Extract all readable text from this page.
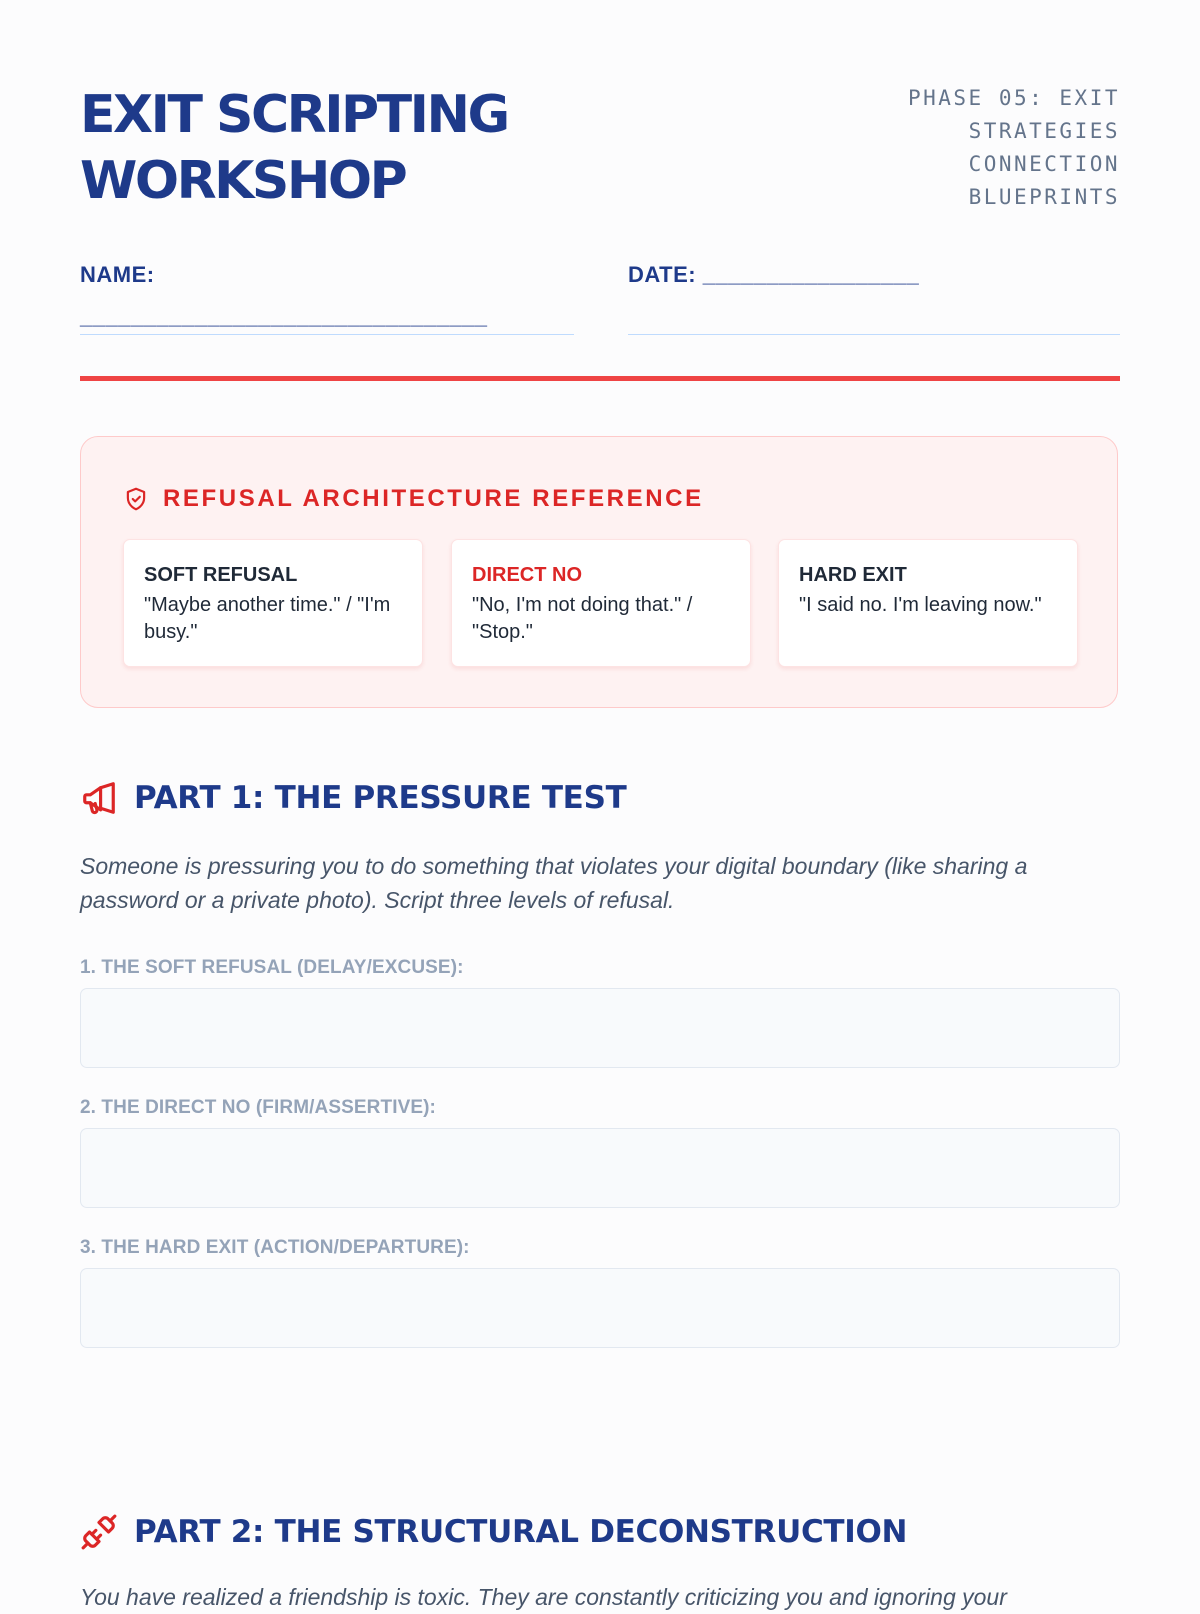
EXIT SCRIPTING
WORKSHOP
PHASE 05: EXIT
STRATEGIES
CONNECTION
BLUEPRINTS
NAME:
________________________________
DATE: _________________
REFUSAL ARCHITECTURE REFERENCE
SOFT REFUSAL
"Maybe another time." / "I'm busy."
DIRECT NO
"No, I'm not doing that." / "Stop."
HARD EXIT
"I said no. I'm leaving now."
PART 1: THE PRESSURE TEST

Someone is pressuring you to do something that violates your digital boundary (like sharing a password or a private photo). Script three levels of refusal.

1. THE SOFT REFUSAL (DELAY/EXCUSE):
2. THE DIRECT NO (FIRM/ASSERTIVE):
3. THE HARD EXIT (ACTION/DEPARTURE):
PART 2: THE STRUCTURAL DECONSTRUCTION

You have realized a friendship is toxic. They are constantly criticizing you and ignoring your
